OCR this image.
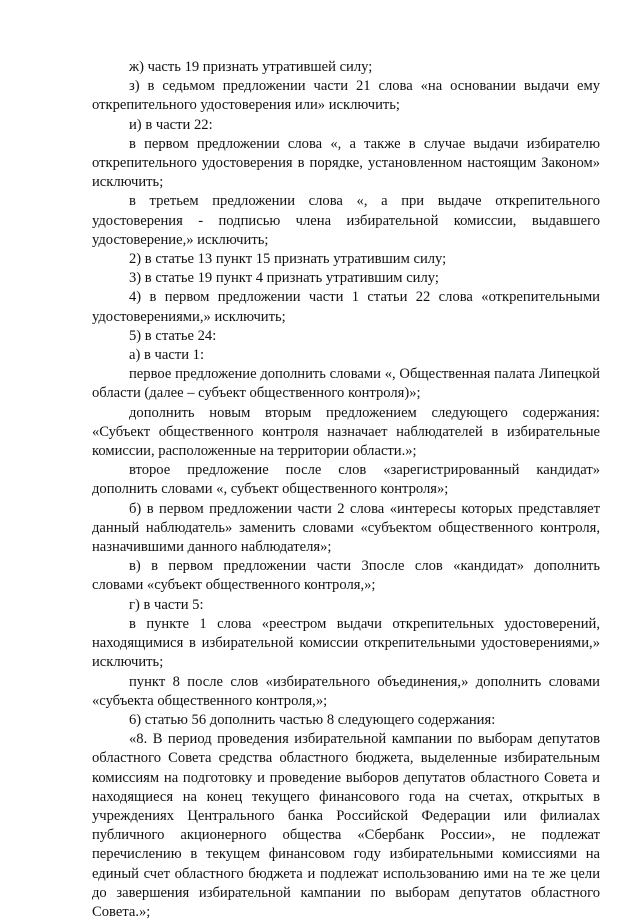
ж) часть 19 признать утратившей силу;

з) в седьмом предложении части 21 слова «на основании выдачи ему открепительного удостоверения или» исключить;

и) в части 22:

в первом предложении слова «, а также в случае выдачи избирателю открепительного удостоверения в порядке, установленном настоящим Законом» исключить;

в третьем предложении слова «, а при выдаче открепительного удостоверения - подписью члена избирательной комиссии, выдавшего удостоверение,» исключить;

2) в статье 13 пункт 15 признать утратившим силу;

3) в статье 19 пункт 4 признать утратившим силу;

4) в первом предложении части 1 статьи 22 слова «открепительными удостоверениями,» исключить;

5) в статье 24:

а) в части 1:

первое предложение дополнить словами «, Общественная палата Липецкой области (далее – субъект общественного контроля)»;

дополнить новым вторым предложением следующего содержания: «Субъект общественного контроля назначает наблюдателей в избирательные комиссии, расположенные на территории области.»;

второе предложение после слов «зарегистрированный кандидат» дополнить словами «, субъект общественного контроля»;

б) в первом предложении части 2 слова «интересы которых представляет данный наблюдатель» заменить словами «субъектом общественного контроля, назначившими данного наблюдателя»;

в) в первом предложении части 3после слов «кандидат» дополнить словами «субъект общественного контроля,»;

г) в части 5:

в пункте 1 слова «реестром выдачи открепительных удостоверений, находящимися в избирательной комиссии открепительными удостоверениями,» исключить;

пункт 8 после слов «избирательного объединения,» дополнить словами «субъекта общественного контроля,»;

6) статью 56 дополнить частью 8 следующего содержания:

«8. В период проведения избирательной кампании по выборам депутатов областного Совета средства областного бюджета, выделенные избирательным комиссиям на подготовку и проведение выборов депутатов областного Совета и находящиеся на конец текущего финансового года на счетах, открытых в учреждениях Центрального банка Российской Федерации или филиалах публичного акционерного общества «Сбербанк России», не подлежат перечислению в текущем финансовом году избирательными комиссиями на единый счет областного бюджета и подлежат использованию ими на те же цели до завершения избирательной кампании по выборам депутатов областного Совета.»;
